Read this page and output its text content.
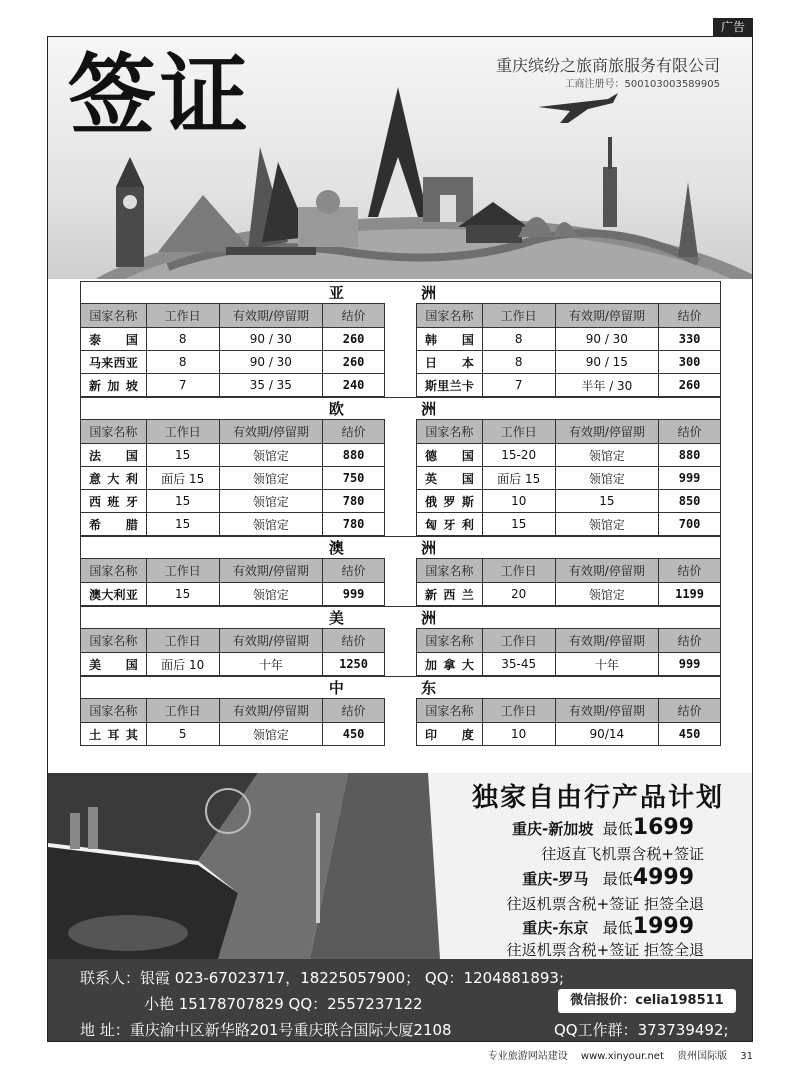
广告
签证	重庆缤纷之旅商旅服务有限公司
工商注册号：500103003589905
亚 洲
国家名称	工作日	有效期/停留期	结价
泰国	8	90 / 30	260
马来西亚	8	90 / 30	260
新加坡	7	35 / 35	240
国家名称	工作日	有效期/停留期	结价
韩国	8	90 / 30	330
日本	8	90 / 15	300
斯里兰卡	7	半年 / 30	260
欧 洲
国家名称	工作日	有效期/停留期	结价
法国	15	领馆定	880
意大利	面后 15	领馆定	750
西班牙	15	领馆定	780
希腊	15	领馆定	780
国家名称	工作日	有效期/停留期	结价
德国	15-20	领馆定	880
英国	面后 15	领馆定	999
俄罗斯	10	15	850
匈牙利	15	领馆定	700
澳 洲
国家名称	工作日	有效期/停留期	结价
澳大利亚	15	领馆定	999
国家名称	工作日	有效期/停留期	结价
新西兰	20	领馆定	1199
美 洲
国家名称	工作日	有效期/停留期	结价
美国	面后 10	十年	1250
国家名称	工作日	有效期/停留期	结价
加拿大	35-45	十年	999
中 东
国家名称	工作日	有效期/停留期	结价
土耳其	5	领馆定	450
国家名称	工作日	有效期/停留期	结价
印度	10	90/14	450
独家自由行产品计划
重庆-新加坡 最低1699
往返直飞机票含税+签证
重庆-罗马 最低4999
往返机票含税+签证 拒签全退
重庆-东京 最低1999
往返机票含税+签证 拒签全退
联系人：银霞 023-67023717，18225057900； QQ：1204881893;
小艳 15178707829 QQ：2557237122
地 址：重庆渝中区新华路201号重庆联合国际大厦2108
微信报价：celia198511
QQ工作群：373739492;
专业旅游网站建设 www.xinyour.net 贵州国际版 31
